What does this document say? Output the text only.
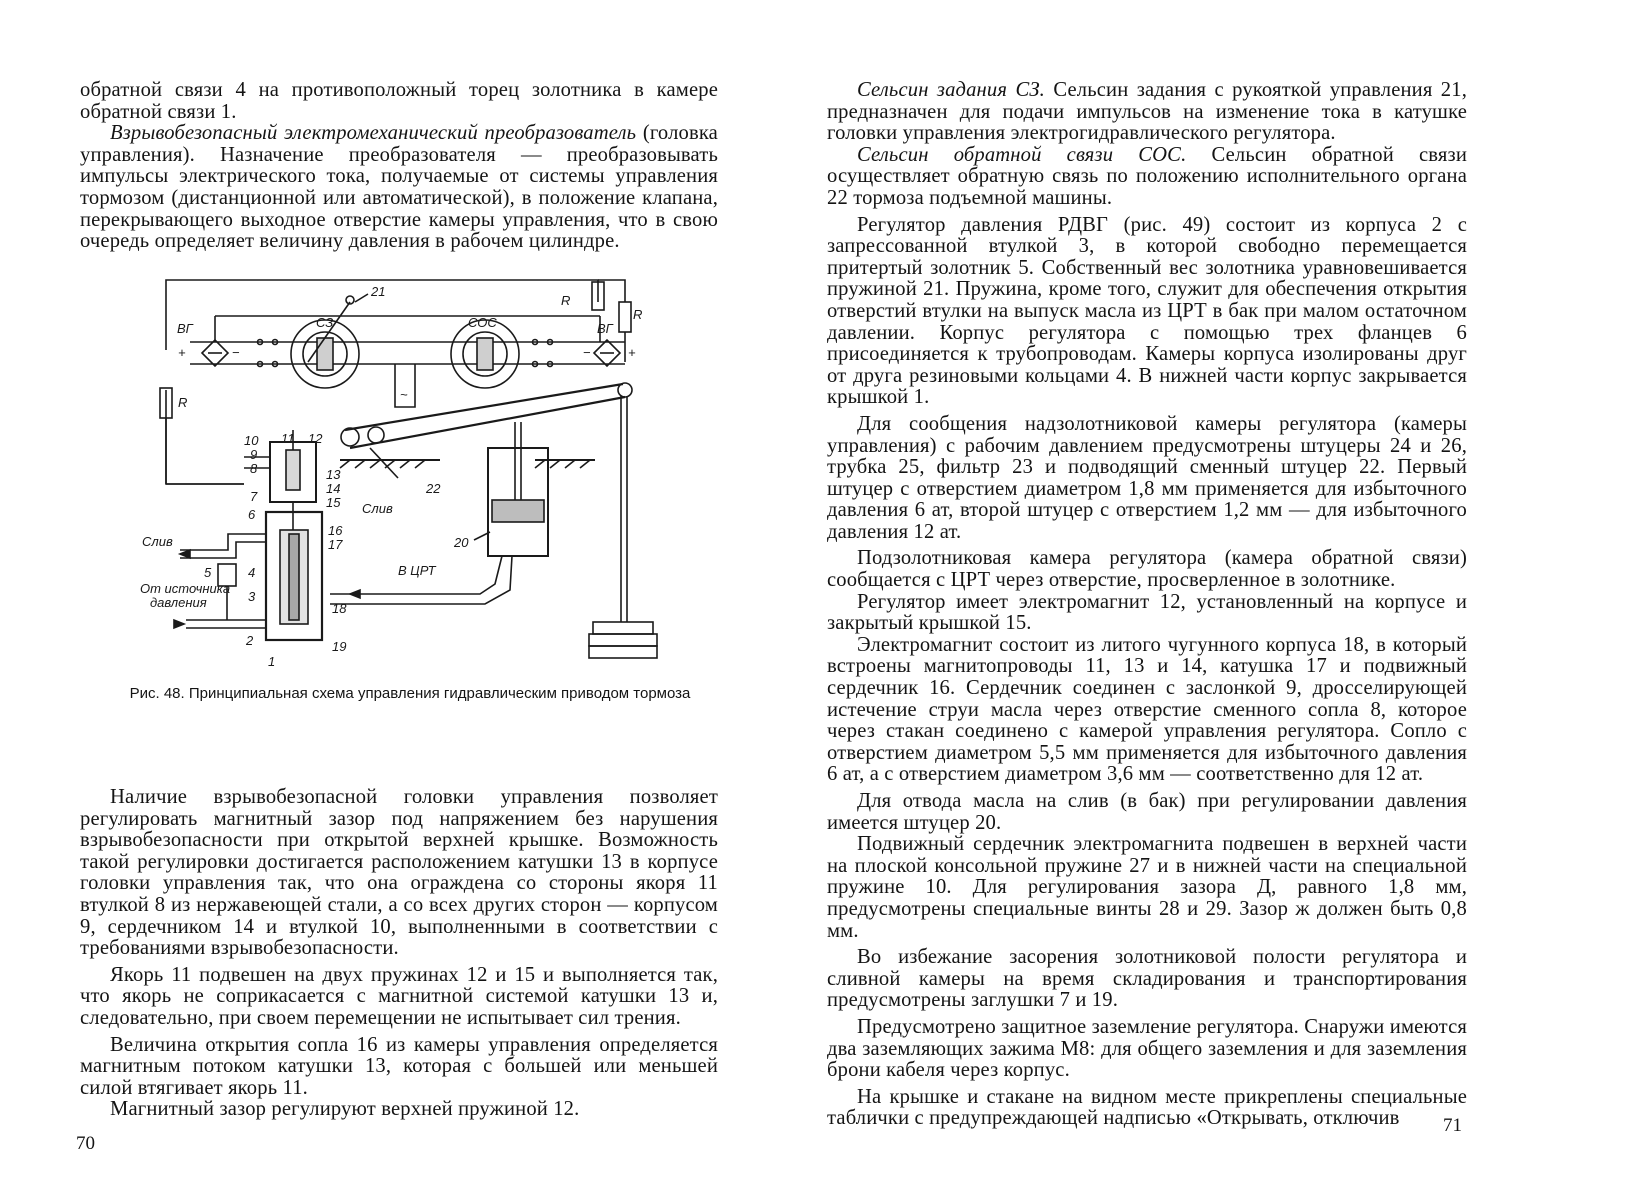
обратной связи 4 на противоположный торец золотника в камере обратной связи 1.

Взрывобезопасный электромеханический преобразователь (головка управления). Назначение преобразователя — преобразовывать импульсы электрического тока, получаемые от системы управления тормозом (дистанционной или автоматической), в положение клапана, перекрывающего выходное отверстие камеры управления, что в свою очередь определяет величину давления в рабочем цилиндре.

21
СЗ	СОС
R
R
R
ВГ	ВГ
+	−	−	+
~
10
9
8
7
6
11 12
13
14
15
16
17
18
19
20
22
5	4
3
2
1
Слив
Слив
В ЦРТ
От источника
давления
Рис. 48. Принципиальная схема управления гидравлическим приводом тормоза

Наличие взрывобезопасной головки управления позволяет регулировать магнитный зазор под напряжением без нарушения взрывобезопасности при открытой верхней крышке. Возможность такой регулировки достигается расположением катушки 13 в корпусе головки управления так, что она ограждена со стороны якоря 11 втулкой 8 из нержавеющей стали, а со всех других сторон — корпусом 9, сердечником 14 и втулкой 10, выполненными в соответствии с требованиями взрывобезопасности.

Якорь 11 подвешен на двух пружинах 12 и 15 и выполняется так, что якорь не соприкасается с магнитной системой катушки 13 и, следовательно, при своем перемещении не испытывает сил трения.

Величина открытия сопла 16 из камеры управления определяется магнитным потоком катушки 13, которая с большей или меньшей силой втягивает якорь 11.

Магнитный зазор регулируют верхней пружиной 12.

70

Сельсин задания СЗ. Сельсин задания с рукояткой управления 21, предназначен для подачи импульсов на изменение тока в катушке головки управления электрогидравлического регулятора.

Сельсин обратной связи СОС. Сельсин обратной связи осуществляет обратную связь по положению исполнительного органа 22 тормоза подъемной машины.

Регулятор давления РДВГ (рис. 49) состоит из корпуса 2 с запрессованной втулкой 3, в которой свободно перемещается притертый золотник 5. Собственный вес золотника уравновешивается пружиной 21. Пружина, кроме того, служит для обеспечения открытия отверстий втулки на выпуск масла из ЦРТ в бак при малом остаточном давлении. Корпус регулятора с помощью трех фланцев 6 присоединяется к трубопроводам. Камеры корпуса изолированы друг от друга резиновыми кольцами 4. В нижней части корпус закрывается крышкой 1.

Для сообщения надзолотниковой камеры регулятора (камеры управления) с рабочим давлением предусмотрены штуцеры 24 и 26, трубка 25, фильтр 23 и подводящий сменный штуцер 22. Первый штуцер с отверстием диаметром 1,8 мм применяется для избыточного давления 6 ат, второй штуцер с отверстием 1,2 мм — для избыточного давления 12 ат.

Подзолотниковая камера регулятора (камера обратной связи) сообщается с ЦРТ через отверстие, просверленное в золотнике.

Регулятор имеет электромагнит 12, установленный на корпусе и закрытый крышкой 15.

Электромагнит состоит из литого чугунного корпуса 18, в который встроены магнитопроводы 11, 13 и 14, катушка 17 и подвижный сердечник 16. Сердечник соединен с заслонкой 9, дросселирующей истечение струи масла через отверстие сменного сопла 8, которое через стакан соединено с камерой управления регулятора. Сопло с отверстием диаметром 5,5 мм применяется для избыточного давления 6 ат, а с отверстием диаметром 3,6 мм — соответственно для 12 ат.

Для отвода масла на слив (в бак) при регулировании давления имеется штуцер 20.

Подвижный сердечник электромагнита подвешен в верхней части на плоской консольной пружине 27 и в нижней части на специальной пружине 10. Для регулирования зазора Д, равного 1,8 мм, предусмотрены специальные винты 28 и 29. Зазор ж должен быть 0,8 мм.

Во избежание засорения золотниковой полости регулятора и сливной камеры на время складирования и транспортирования предусмотрены заглушки 7 и 19.

Предусмотрено защитное заземление регулятора. Снаружи имеются два заземляющих зажима М8: для общего заземления и для заземления брони кабеля через корпус.

На крышке и стакане на видном месте прикреплены специальные таблички с предупреждающей надписью «Открывать, отключив	71
